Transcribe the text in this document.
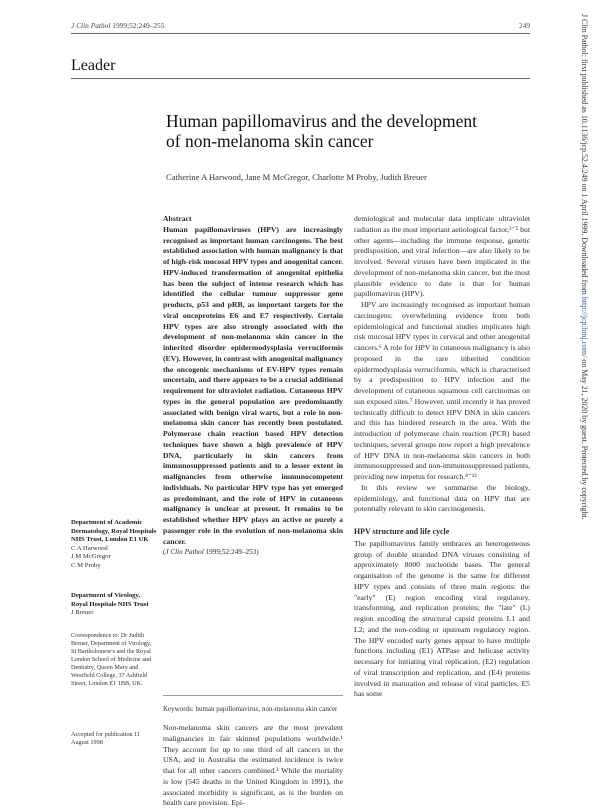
J Clin Pathol 1999;52:249–255	249
Leader
Human papillomavirus and the development of non-melanoma skin cancer
Catherine A Harwood, Jane M McGregor, Charlotte M Proby, Judith Breuer
Department of Academic Dermatology, Royal Hospitals NHS Trust, London E1 UK
C A Harwood
J M McGregor
C M Proby
Department of Virology, Royal Hospitals NHS Trust
J Breuer
Correspondence to: Dr Judith Breuer, Department of Virology, St Bartholomew's and the Royal London School of Medicine and Dentistry, Queen Mary and Westfield College, 37 Ashfield Street, London E1 1BB, UK.
Accepted for publication 11 August 1998
Abstract
Human papillomaviruses (HPV) are increasingly recognised as important human carcinogens. The best established association with human malignancy is that of high-risk mucosal HPV types and anogenital cancer. HPV-induced transformation of anogenital epithelia has been the subject of intense research which has identified the cellular tumour suppressor gene products, p53 and pRB, as important targets for the viral oncoproteins E6 and E7 respectively. Certain HPV types are also strongly associated with the development of non-melanoma skin cancer in the inherited disorder epidermodysplasia verruciformis (EV). However, in contrast with anogenital malignancy the oncogenic mechanisms of EV-HPV types remain uncertain, and there appears to be a crucial additional requirement for ultraviolet radiation. Cutaneous HPV types in the general population are predominantly associated with benign viral warts, but a role in non-melanoma skin cancer has recently been postulated. Polymerase chain reaction based HPV detection techniques have shown a high prevalence of HPV DNA, particularly in skin cancers from immunosuppressed patients and to a lesser extent in malignancies from otherwise immunocompetent individuals. No particular HPV type has yet emerged as predominant, and the role of HPV in cutaneous malignancy is unclear at present. It remains to be established whether HPV plays an active or purely a passenger role in the evolution of non-melanoma skin cancer.
(J Clin Pathol 1999;52:249–253)
Keywords: human papillomavirus; non-melanoma skin cancer

Non-melanoma skin cancers are the most prevalent malignancies in fair skinned populations worldwide.¹ They account for up to one third of all cancers in the USA, and in Australia the estimated incidence is twice that for all other cancers combined.² While the mortality is low (545 deaths in the United Kingdom in 1991), the associated morbidity is significant, as is the burden on health care provision. Epi-

demiological and molecular data implicate ultraviolet radiation as the most important aetiological factor,³⁻⁵ but other agents—including the immune response, genetic predisposition, and viral infection—are also likely to be involved. Several viruses have been implicated in the development of non-melanoma skin cancer, but the most plausible evidence to date is that for human papillomavirus (HPV).

HPV are increasingly recognised as important human carcinogens: overwhelming evidence from both epidemiological and functional studies implicates high risk mucosal HPV types in cervical and other anogenital cancers.⁶ A role for HPV in cutaneous malignancy is also proposed in the rare inherited condition epidermodysplasia verruciformis, which is characterised by a predisposition to HPV infection and the development of cutaneous squamous cell carcinomas on sun exposed sites.⁷ However, until recently it has proved technically difficult to detect HPV DNA in skin cancers and this has hindered research in the area. With the introduction of polymerase chain reaction (PCR) based techniques, several groups now report a high prevalence of HPV DNA in non-melanoma skin cancers in both immunosuppressed and non-immunosuppressed patients, providing new impetus for research.⁸⁻¹³

In this review we summarise the biology, epidemiology, and functional data on HPV that are potentially relevant to skin carcinogenesis.

HPV structure and life cycle

The papillomavirus family embraces an heterogeneous group of double stranded DNA viruses consisting of approximately 8000 nucleotide bases. The general organisation of the genome is the same for different HPV types and consists of three main regions: the "early" (E) region encoding viral regulatory, transforming, and replication proteins; the "late" (L) region encoding the structural capsid proteins L1 and L2; and the non-coding or upstream regulatory region. The HPV encoded early genes appear to have multiple functions including (E1) ATPase and helicase activity necessary for initiating viral replication, (E2) regulation of viral transcription and replication, and (E4) proteins involved in maturation and release of viral particles. E5 has some

J Clin Pathol: first published as 10.1136/jcp.52.4.249 on 1 April 1999. Downloaded from http://jcp.bmj.com/ on May 21, 2020 by guest. Protected by copyright.
